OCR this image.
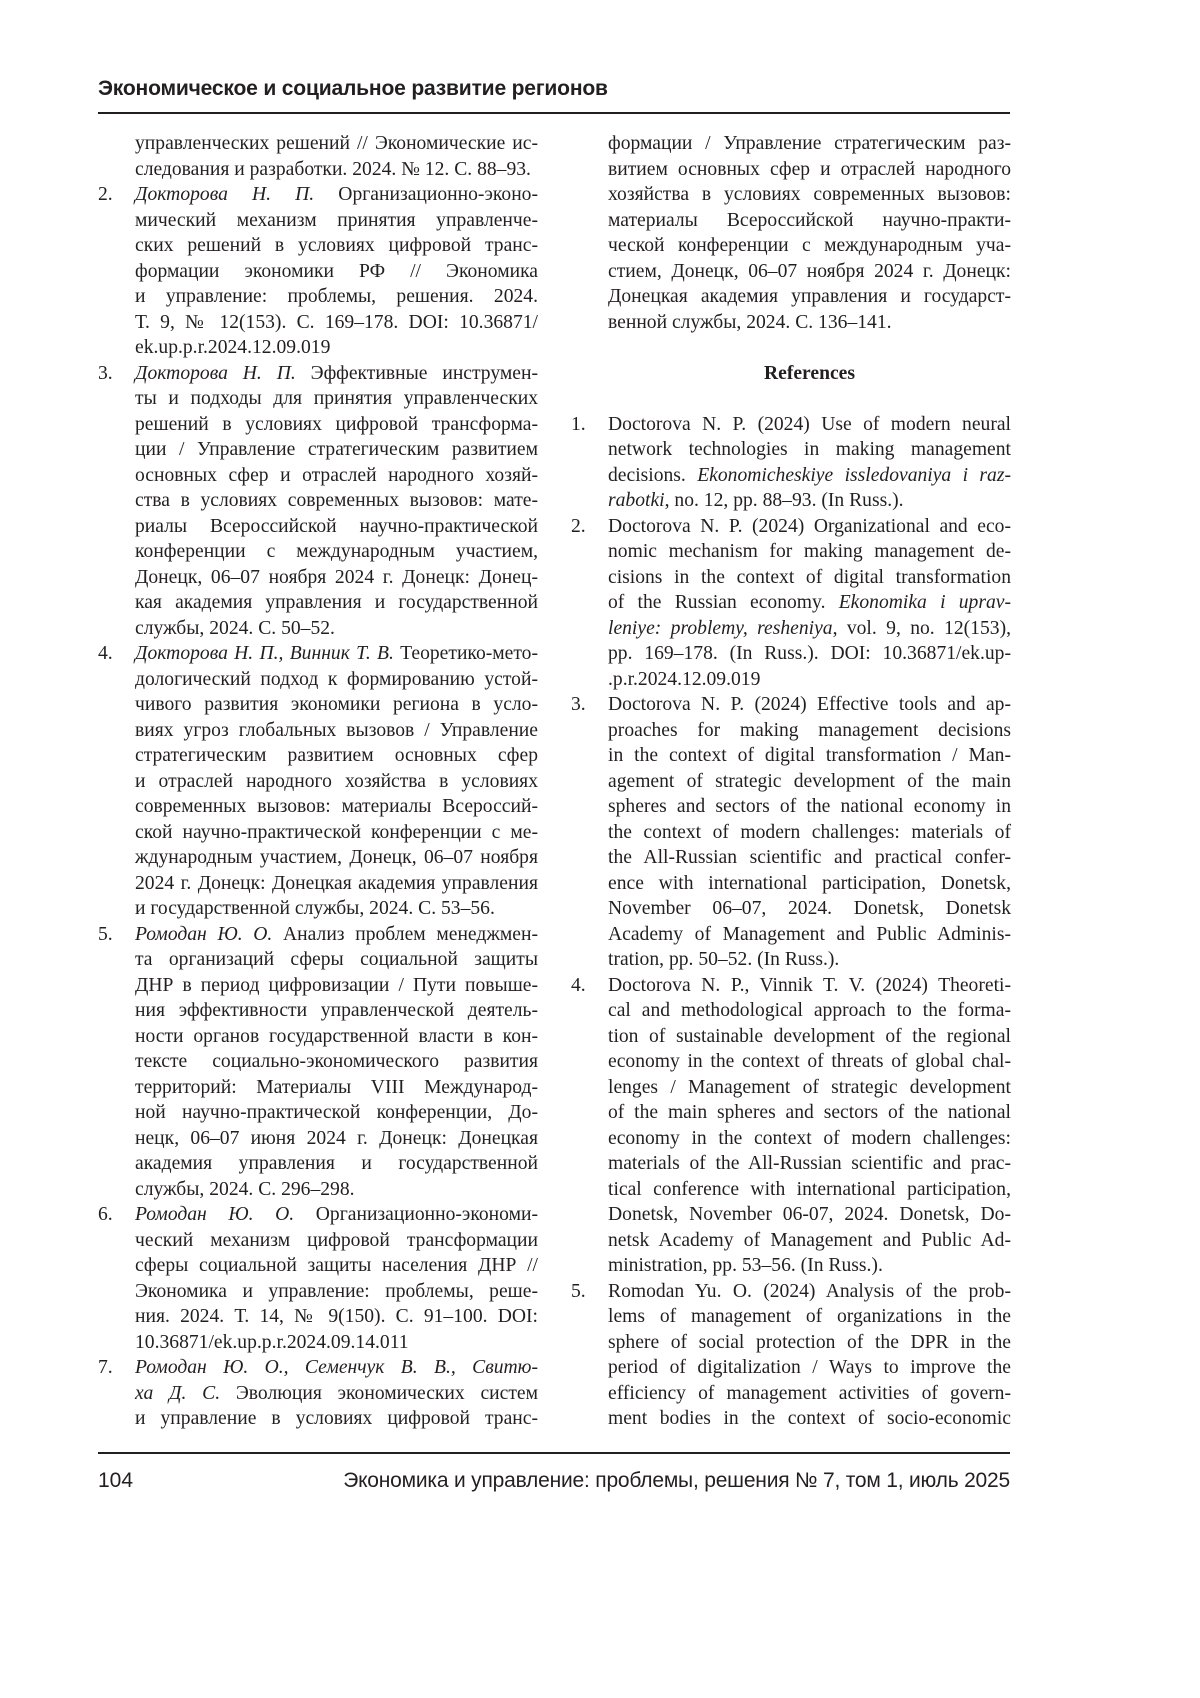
Экономическое и социальное развитие регионов
управленческих решений // Экономические ис-
следования и разработки. 2024. № 12. С. 88–93.
2. Докторова Н. П. Организационно-эконо-
мический механизм принятия управленче-
ских решений в условиях цифровой транс-
формации экономики РФ // Экономика
и управление: проблемы, решения. 2024.
Т. 9, № 12(153). С. 169–178. DOI: 10.36871/
ek.up.p.r.2024.12.09.019
3. Докторова Н. П. Эффективные инструмен-
ты и подходы для принятия управленческих
решений в условиях цифровой трансформа-
ции / Управление стратегическим развитием
основных сфер и отраслей народного хозяй-
ства в условиях современных вызовов: мате-
риалы Всероссийской научно-практической
конференции с международным участием,
Донецк, 06–07 ноября 2024 г. Донецк: Донец-
кая академия управления и государственной
службы, 2024. С. 50–52.
4. Докторова Н. П., Винник Т. В. Теоретико-мето-
дологический подход к формированию устой-
чивого развития экономики региона в усло-
виях угроз глобальных вызовов / Управление
стратегическим развитием основных сфер
и отраслей народного хозяйства в условиях
современных вызовов: материалы Всероссий-
ской научно-практической конференции с ме-
ждународным участием, Донецк, 06–07 ноября
2024 г. Донецк: Донецкая академия управления
и государственной службы, 2024. С. 53–56.
5. Ромодан Ю. О. Анализ проблем менеджмен-
та организаций сферы социальной защиты
ДНР в период цифровизации / Пути повыше-
ния эффективности управленческой деятель-
ности органов государственной власти в кон-
тексте социально-экономического развития
территорий: Материалы VIII Международ-
ной научно-практической конференции, До-
нецк, 06–07 июня 2024 г. Донецк: Донецкая
академия управления и государственной
службы, 2024. С. 296–298.
6. Ромодан Ю. О. Организационно-экономи-
ческий механизм цифровой трансформации
сферы социальной защиты населения ДНР //
Экономика и управление: проблемы, реше-
ния. 2024. Т. 14, № 9(150). С. 91–100. DOI:
10.36871/ek.up.p.r.2024.09.14.011
7. Ромодан Ю. О., Семенчук В. В., Свитю-
ха Д. С. Эволюция экономических систем
и управление в условиях цифровой транс-
формации / Управление стратегическим раз-
витием основных сфер и отраслей народного
хозяйства в условиях современных вызовов:
материалы Всероссийской научно-практи-
ческой конференции с международным уча-
стием, Донецк, 06–07 ноября 2024 г. Донецк:
Донецкая академия управления и государст-
венной службы, 2024. С. 136–141.
References
1. Doctorova N. P. (2024) Use of modern neural
network technologies in making management
decisions. Ekonomicheskiye issledovaniya i raz-
rabotki, no. 12, pp. 88–93. (In Russ.).
2. Doctorova N. P. (2024) Organizational and eco-
nomic mechanism for making management de-
cisions in the context of digital transformation
of the Russian economy. Ekonomika i uprav-
leniye: problemy, resheniya, vol. 9, no. 12(153),
pp. 169–178. (In Russ.). DOI: 10.36871/ek.up-
.p.r.2024.12.09.019
3. Doctorova N. P. (2024) Effective tools and ap-
proaches for making management decisions
in the context of digital transformation / Man-
agement of strategic development of the main
spheres and sectors of the national economy in
the context of modern challenges: materials of
the All-Russian scientific and practical confer-
ence with international participation, Donetsk,
November 06–07, 2024. Donetsk, Donetsk
Academy of Management and Public Adminis-
tration, pp. 50–52. (In Russ.).
4. Doctorova N. P., Vinnik T. V. (2024) Theoreti-
cal and methodological approach to the forma-
tion of sustainable development of the regional
economy in the context of threats of global chal-
lenges / Management of strategic development
of the main spheres and sectors of the national
economy in the context of modern challenges:
materials of the All-Russian scientific and prac-
tical conference with international participation,
Donetsk, November 06-07, 2024. Donetsk, Do-
netsk Academy of Management and Public Ad-
ministration, pp. 53–56. (In Russ.).
5. Romodan Yu. O. (2024) Analysis of the prob-
lems of management of organizations in the
sphere of social protection of the DPR in the
period of digitalization / Ways to improve the
efficiency of management activities of govern-
ment bodies in the context of socio-economic
104	Экономика и управление: проблемы, решения № 7, том 1, июль 2025
